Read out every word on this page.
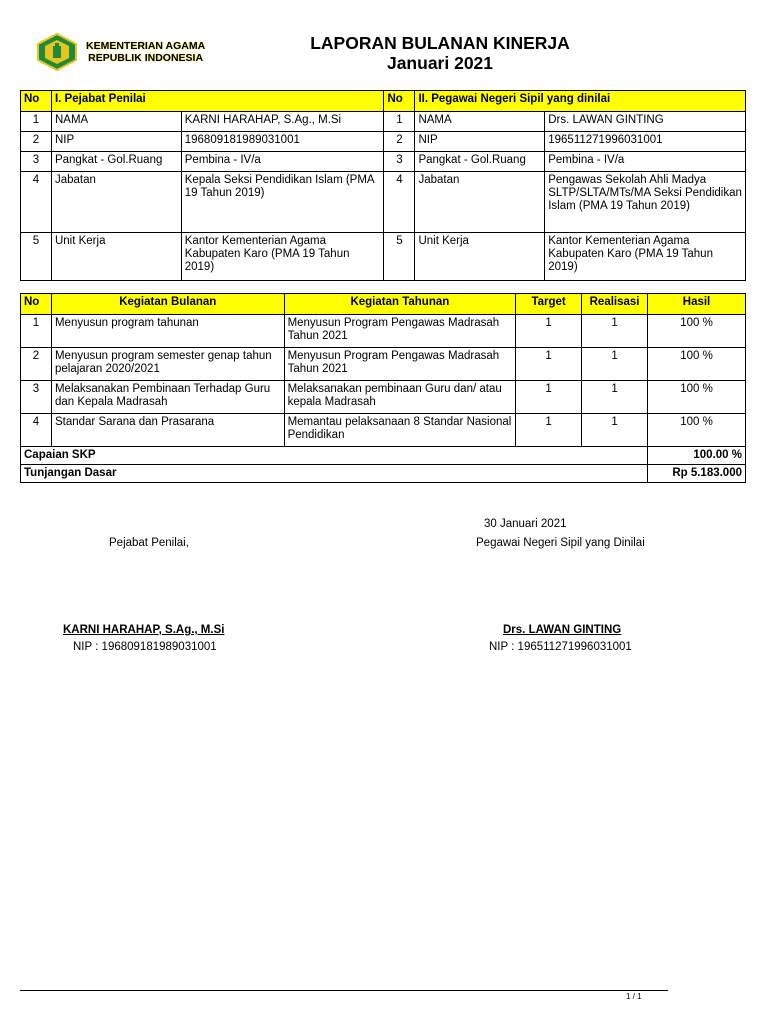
KEMENTERIAN AGAMA
REPUBLIK INDONESIA
LAPORAN BULANAN KINERJA
Januari 2021
No	I. Pejabat Penilai		No	II. Pegawai Negeri Sipil yang dinilai	
1	NAMA	KARNI HARAHAP, S.Ag., M.Si	1	NAMA	Drs. LAWAN GINTING
2	NIP	196809181989031001	2	NIP	196511271996031001
3	Pangkat - Gol.Ruang	Pembina - IV/a	3	Pangkat - Gol.Ruang	Pembina - IV/a
4	Jabatan	Kepala Seksi Pendidikan Islam (PMA 19 Tahun 2019)	4	Jabatan	Pengawas Sekolah Ahli Madya SLTP/SLTA/MTs/MA Seksi Pendidikan Islam (PMA 19 Tahun 2019)
5	Unit Kerja	Kantor Kementerian Agama Kabupaten Karo (PMA 19 Tahun 2019)	5	Unit Kerja	Kantor Kementerian Agama Kabupaten Karo (PMA 19 Tahun 2019)
No	Kegiatan Bulanan	Kegiatan Tahunan	Target	Realisasi	Hasil
1	Menyusun program tahunan	Menyusun Program Pengawas Madrasah Tahun 2021	1	1	100 %
2	Menyusun program semester genap tahun pelajaran 2020/2021	Menyusun Program Pengawas Madrasah Tahun 2021	1	1	100 %
3	Melaksanakan Pembinaan Terhadap Guru dan Kepala Madrasah	Melaksanakan pembinaan Guru dan/ atau kepala Madrasah	1	1	100 %
4	Standar Sarana dan Prasarana	Memantau pelaksanaan 8 Standar Nasional Pendidikan	1	1	100 %
Capaian SKP					100.00 %
Tunjangan Dasar					Rp 5.183.000
30 Januari 2021
Pejabat Penilai,	Pegawai Negeri Sipil yang Dinilai
KARNI HARAHAP, S.Ag., M.Si
NIP : 196809181989031001
Drs. LAWAN GINTING
NIP : 196511271996031001
1 / 1
